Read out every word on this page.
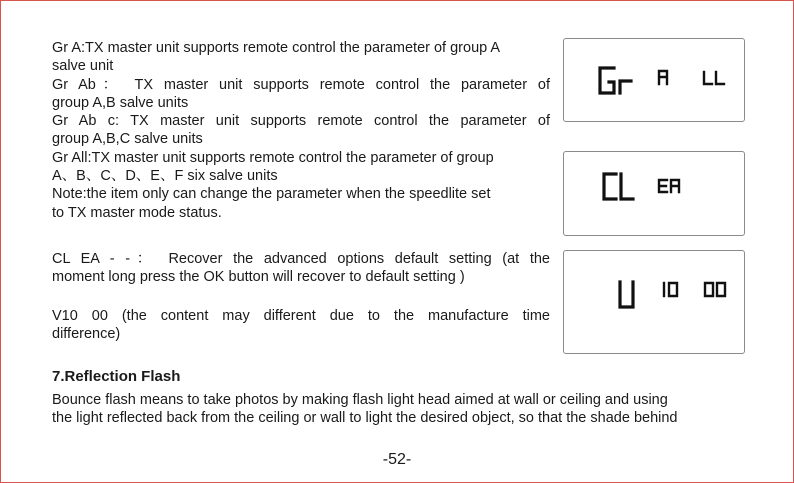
Gr A:TX master unit supports remote control the parameter of group A
salve unit
Gr Ab： TX master unit supports remote control the parameter of
group A,B salve units
Gr Ab c: TX master unit supports remote control the parameter of
group A,B,C salve units
Gr All:TX master unit supports remote control the parameter of group
A、B、C、D、E、F six salve units
Note:the item only can change the parameter when the speedlite set
to TX master mode status.
CL EA - -： Recover the advanced options default setting (at the
moment long press the OK button will recover to default setting )
V10 00 (the content may different due to the manufacture time
difference)
7.Reflection Flash
Bounce flash means to take photos by making flash light head aimed at wall or ceiling and using
the light reflected back from the ceiling or wall to light the desired object, so that the shade behind
-52-
